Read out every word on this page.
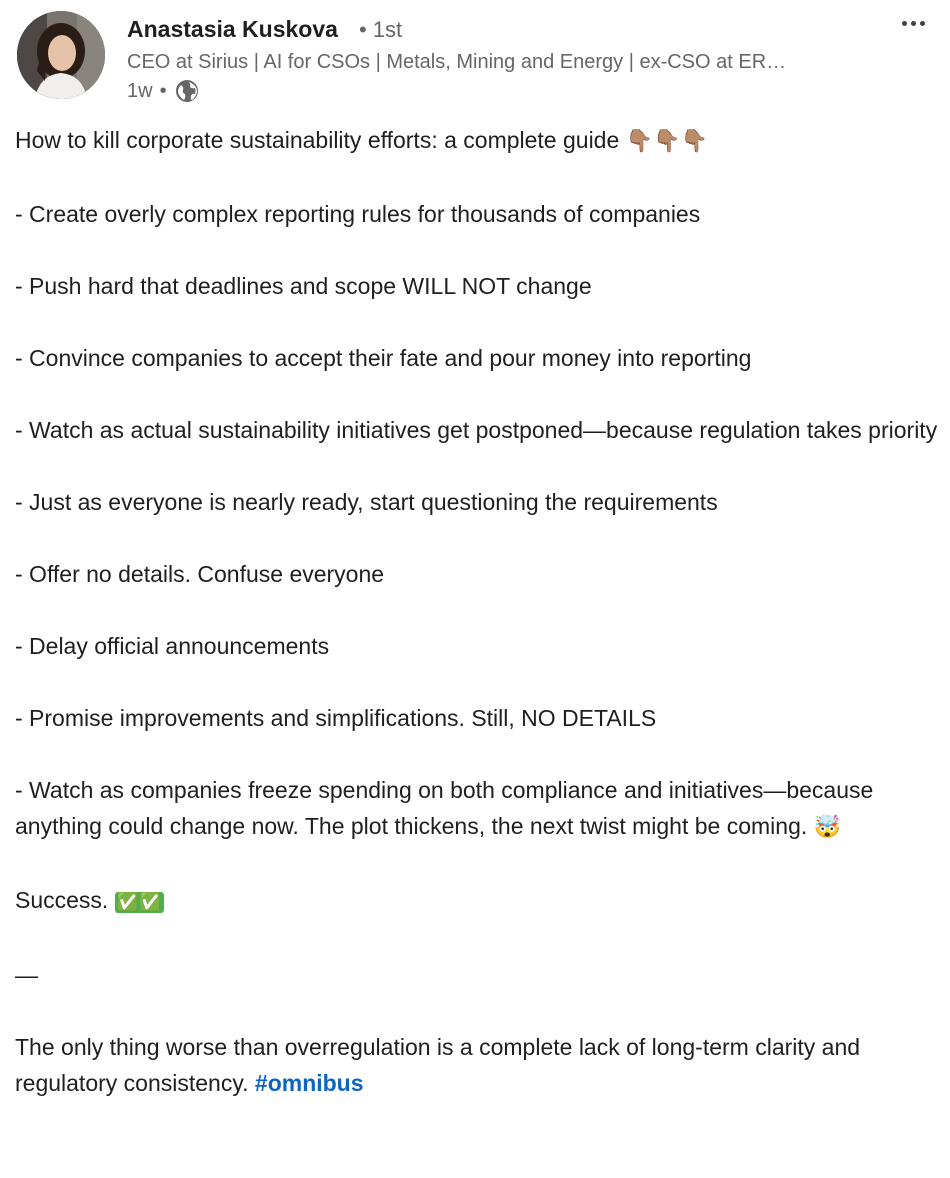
Anastasia Kuskova • 1st
CEO at Sirius | AI for CSOs | Metals, Mining and Energy | ex-CSO at ER…
1w •

How to kill corporate sustainability efforts: a complete guide 👇🏽👇🏽👇🏽

- Create overly complex reporting rules for thousands of companies

- Push hard that deadlines and scope WILL NOT change

- Convince companies to accept their fate and pour money into reporting

- Watch as actual sustainability initiatives get postponed—because regulation takes priority

- Just as everyone is nearly ready, start questioning the requirements

- Offer no details. Confuse everyone

- Delay official announcements

- Promise improvements and simplifications. Still, NO DETAILS

- Watch as companies freeze spending on both compliance and initiatives—because anything could change now. The plot thickens, the next twist might be coming. 🤯

Success. ✅✅

—

The only thing worse than overregulation is a complete lack of long-term clarity and regulatory consistency. #omnibus
